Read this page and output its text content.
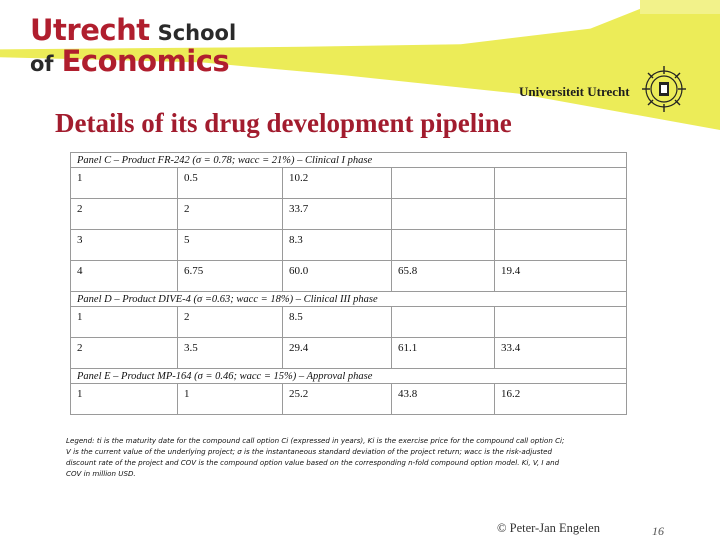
Utrecht School
of Economics
Universiteit Utrecht
Details of its drug development pipeline
Panel C – Product FR-242 (σ = 0.78; wacc = 21%) – Clinical I phase				
1	0.5	10.2		
2	2	33.7		
3	5	8.3		
4	6.75	60.0	65.8	19.4
Panel D – Product DIVE-4 (σ =0.63; wacc = 18%) – Clinical III phase				
1	2	8.5		
2	3.5	29.4	61.1	33.4
Panel E – Product MP-164 (σ = 0.46; wacc = 15%) – Approval phase				
1	1	25.2	43.8	16.2
Legend: ti is the maturity date for the compound call option Ci (expressed in years), Ki is the exercise price for the compound call option Ci; V is the current value of the underlying project; σ is the instantaneous standard deviation of the project return; wacc is the risk-adjusted discount rate of the project and COV is the compound option value based on the corresponding n-fold compound option model. Ki, V, I and COV in million USD.
© Peter-Jan Engelen	16
